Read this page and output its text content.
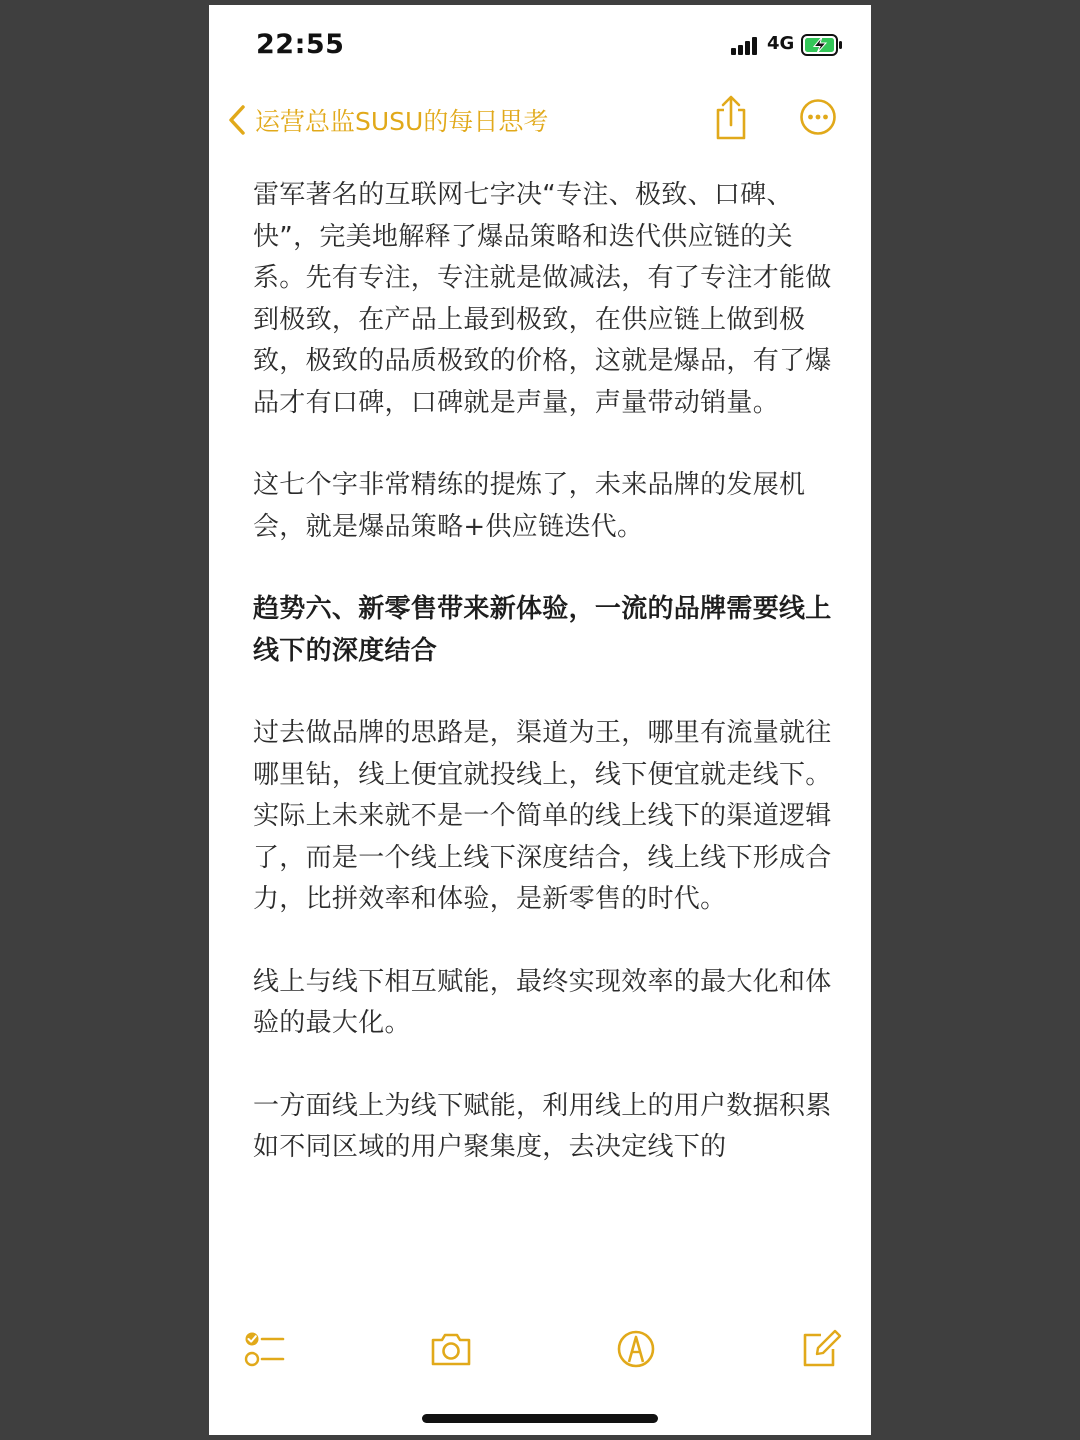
22:55	4G
运营总监SUSU的每日思考

雷军著名的互联网七字决“专注、极致、口碑、快”，完美地解释了爆品策略和迭代供应链的关系。先有专注，专注就是做减法，有了专注才能做到极致，在产品上最到极致，在供应链上做到极致，极致的品质极致的价格，这就是爆品，有了爆品才有口碑，口碑就是声量，声量带动销量。

这七个字非常精练的提炼了，未来品牌的发展机会，就是爆品策略+供应链迭代。

趋势六、新零售带来新体验，一流的品牌需要线上线下的深度结合

过去做品牌的思路是，渠道为王，哪里有流量就往哪里钻，线上便宜就投线上，线下便宜就走线下。实际上未来就不是一个简单的线上线下的渠道逻辑了，而是一个线上线下深度结合，线上线下形成合力，比拼效率和体验，是新零售的时代。

线上与线下相互赋能，最终实现效率的最大化和体验的最大化。

一方面线上为线下赋能，利用线上的用户数据积累如不同区域的用户聚集度，去决定线下的
